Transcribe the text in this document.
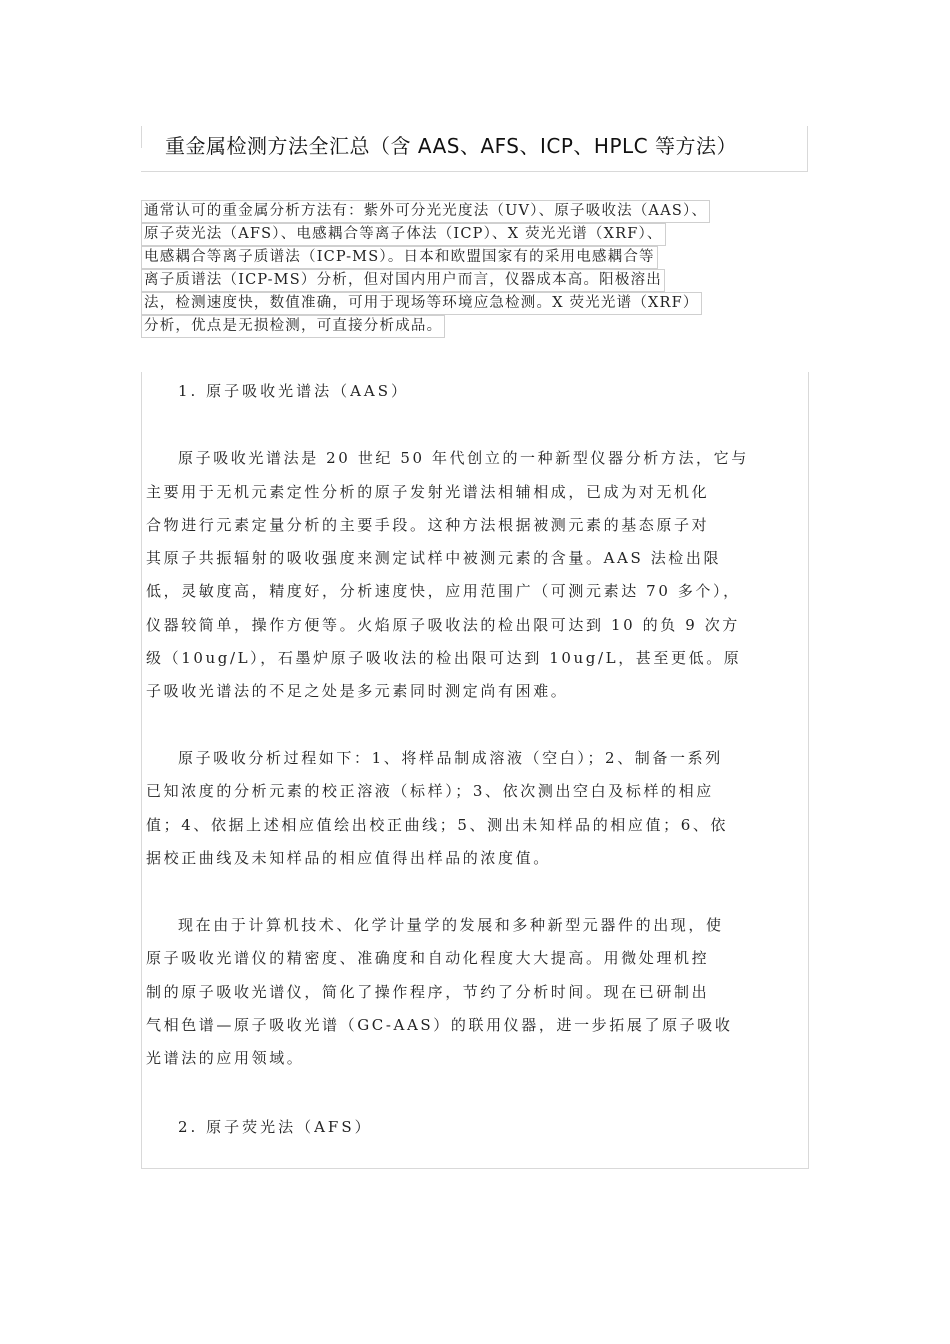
重金属检测方法全汇总（含 AAS、AFS、ICP、HPLC 等方法）
通常认可的重金属分析方法有：紫外可分光光度法（UV）、原子吸收法（AAS）、
原子荧光法（AFS）、电感耦合等离子体法（ICP）、X 荧光光谱（XRF）、
电感耦合等离子质谱法（ICP-MS）。日本和欧盟国家有的采用电感耦合等
离子质谱法（ICP-MS）分析，但对国内用户而言，仪器成本高。阳极溶出
法，检测速度快，数值准确，可用于现场等环境应急检测。X 荧光光谱（XRF）
分析，优点是无损检测，可直接分析成品。
1. 原子吸收光谱法（AAS）
原子吸收光谱法是 20 世纪 50 年代创立的一种新型仪器分析方法，它与
主要用于无机元素定性分析的原子发射光谱法相辅相成，已成为对无机化
合物进行元素定量分析的主要手段。这种方法根据被测元素的基态原子对
其原子共振辐射的吸收强度来测定试样中被测元素的含量。AAS 法检出限
低，灵敏度高，精度好，分析速度快，应用范围广（可测元素达 70 多个），
仪器较简单，操作方便等。火焰原子吸收法的检出限可达到 10 的负 9 次方
级（10ug/L），石墨炉原子吸收法的检出限可达到 10ug/L，甚至更低。原
子吸收光谱法的不足之处是多元素同时测定尚有困难。
原子吸收分析过程如下：1、将样品制成溶液（空白）；2、制备一系列
已知浓度的分析元素的校正溶液（标样）；3、依次测出空白及标样的相应
值；4、依据上述相应值绘出校正曲线；5、测出未知样品的相应值；6、依
据校正曲线及未知样品的相应值得出样品的浓度值。
现在由于计算机技术、化学计量学的发展和多种新型元器件的出现，使
原子吸收光谱仪的精密度、准确度和自动化程度大大提高。用微处理机控
制的原子吸收光谱仪，简化了操作程序，节约了分析时间。现在已研制出
气相色谱—原子吸收光谱（GC-AAS）的联用仪器，进一步拓展了原子吸收
光谱法的应用领域。
2. 原子荧光法（AFS）
